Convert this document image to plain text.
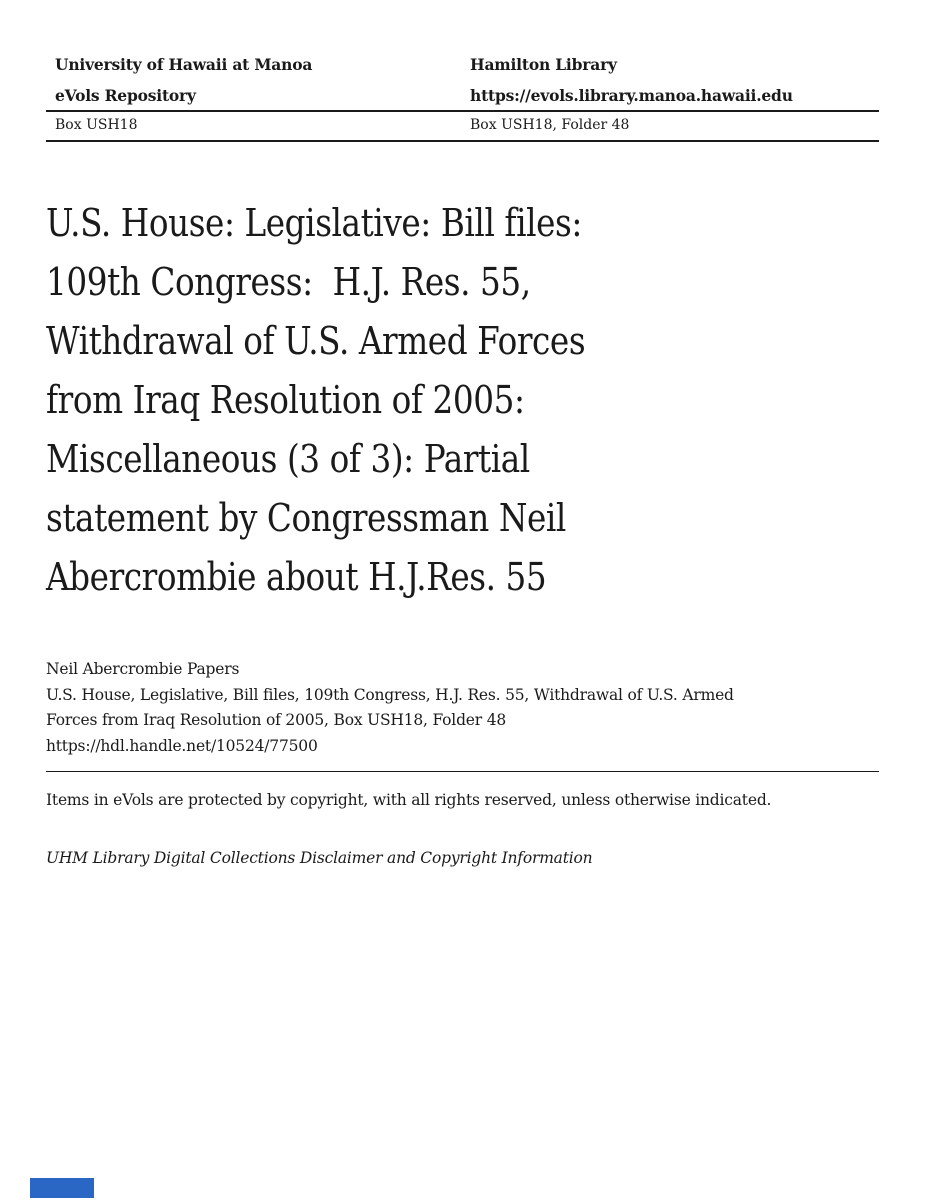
University of Hawaii at Manoa
eVols Repository
Hamilton Library
https://evols.library.manoa.hawaii.edu
Box USH18	Box USH18, Folder 48
U.S. House: Legislative: Bill files:
109th Congress:  H.J. Res. 55,
Withdrawal of U.S. Armed Forces
from Iraq Resolution of 2005:
Miscellaneous (3 of 3): Partial
statement by Congressman Neil
Abercrombie about H.J.Res. 55
Neil Abercrombie Papers
U.S. House, Legislative, Bill files, 109th Congress, H.J. Res. 55, Withdrawal of U.S. Armed
Forces from Iraq Resolution of 2005, Box USH18, Folder 48
https://hdl.handle.net/10524/77500

Items in eVols are protected by copyright, with all rights reserved, unless otherwise indicated.

UHM Library Digital Collections Disclaimer and Copyright Information
